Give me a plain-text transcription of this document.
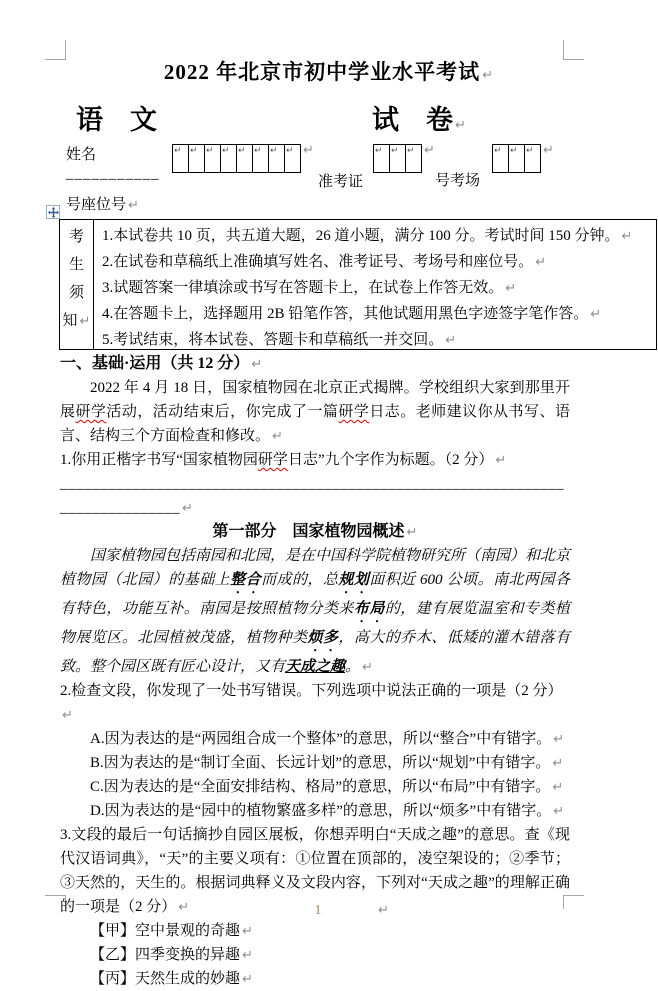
2022 年北京市初中学业水平考试 ↵
语　文	试　卷 ↵
姓名
___________
↵ ↵ ↵ ↵ ↵ ↵ ↵ ↵ ↵
准考证
↵ ↵ ↵ ↵
号考场
↵ ↵ ↵ ↵
号座位号 ↵
考
生
须
知 ↵
1.本试卷共 10 页，共五道大题，26 道小题，满分 100 分。考试时间 150 分钟。 ↵
2.在试卷和草稿纸上准确填写姓名、准考证号、考场号和座位号。 ↵
3.试题答案一律填涂或书写在答题卡上，在试卷上作答无效。 ↵
4.在答题卡上，选择题用 2B 铅笔作答，其他试题用黑色字迹签字笔作答。 ↵
5.考试结束，将本试卷、答题卡和草稿纸一并交回。 ↵
一、基础·运用（共 12 分） ↵

2022 年 4 月 18 日，国家植物园在北京正式揭牌。学校组织大家到那里开展研学活动，活动结束后，你完成了一篇研学日志。老师建议你从书写、语言、结构三个方面检查和修改。 ↵

1.你用正楷字书写“国家植物园研学日志”九个字作为标题。（2 分） ↵

______________________________________________________________________________ ↵
第一部分　国家植物园概述 ↵

国家植物园包括南园和北园，是在中国科学院植物研究所（南园）和北京植物园（北园）的基础上整合而成的，总规划面积近 600 公顷。南北两园各有特色，功能互补。南园是按照植物分类来布局的，建有展览温室和专类植物展览区。北园植被茂盛，植物种类烦多，高大的乔木、低矮的灌木错落有致。整个园区既有匠心设计，又有天成之趣。 ↵

2.检查文段，你发现了一处书写错误。下列选项中说法正确的一项是（2 分）↵

A.因为表达的是“两园组合成一个整体”的意思，所以“整合”中有错字。 ↵

B.因为表达的是“制订全面、长远计划”的意思，所以“规划”中有错字。 ↵

C.因为表达的是“全面安排结构、格局”的意思，所以“布局”中有错字。 ↵

D.因为表达的是“园中的植物繁盛多样”的意思，所以“烦多”中有错字。 ↵

3.文段的最后一句话摘抄自园区展板，你想弄明白“天成之趣”的意思。查《现代汉语词典》，“天”的主要义项有：①位置在顶部的，凌空架设的；②季节；③天然的，天生的。根据词典释义及文段内容，下列对“天成之趣”的理解正确的一项是（2 分） ↵

【甲】空中景观的奇趣 ↵

【乙】四季变换的异趣 ↵

【丙】天然生成的妙趣 ↵

1	↵
